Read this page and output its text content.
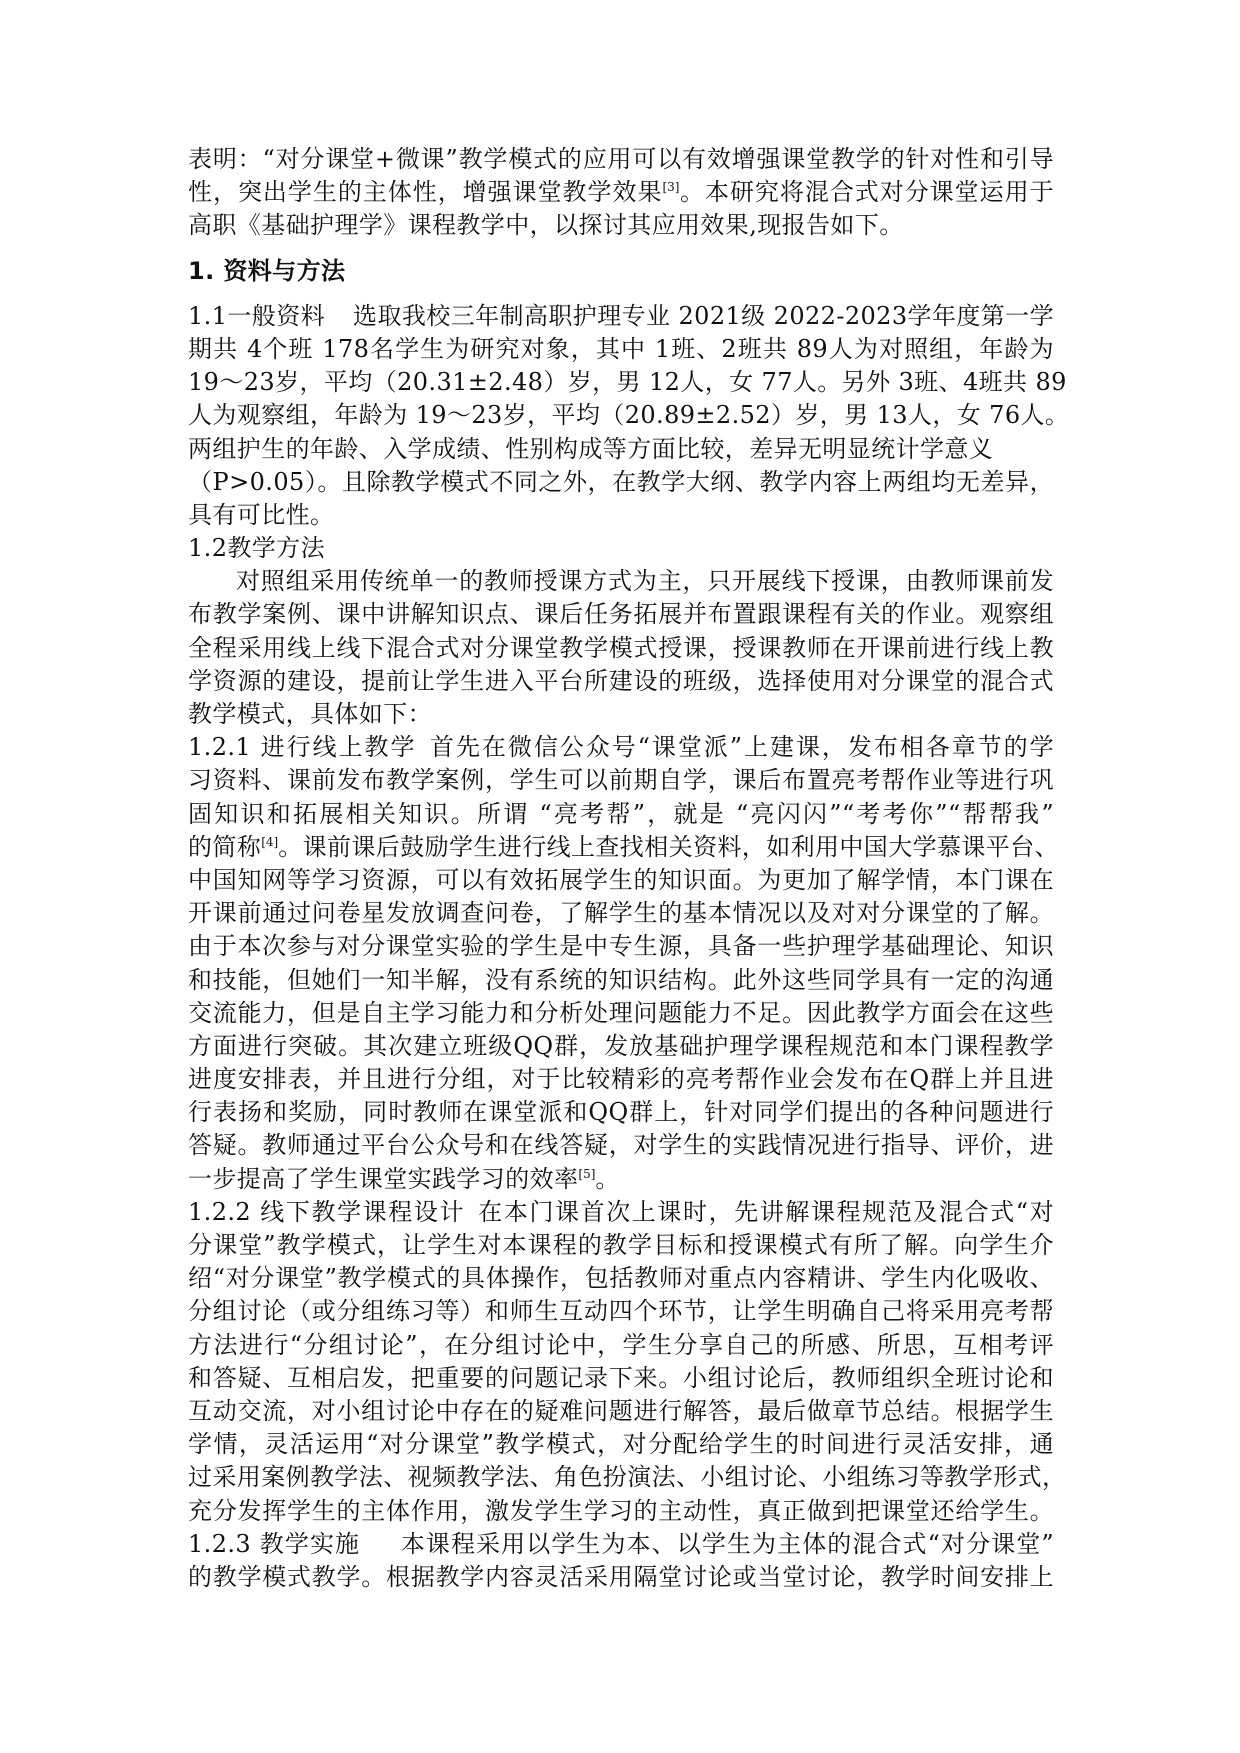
表明：“对分课堂+微课”教学模式的应用可以有效增强课堂教学的针对性和引导
性，突出学生的主体性，增强课堂教学效果[3]。本研究将混合式对分课堂运用于
高职《基础护理学》课程教学中，以探讨其应用效果,现报告如下。
1. 资料与方法
1.1一般资料 选取我校三年制高职护理专业 2021级 2022-2023学年度第一学
期共 4个班 178名学生为研究对象，其中 1班、2班共 89人为对照组，年龄为
19～23岁，平均（20.31±2.48）岁，男 12人，女 77人。另外 3班、4班共 89
人为观察组，年龄为 19～23岁，平均（20.89±2.52）岁，男 13人，女 76人。
两组护生的年龄、入学成绩、性别构成等方面比较，差异无明显统计学意义
（P>0.05）。且除教学模式不同之外，在教学大纲、教学内容上两组均无差异，
具有可比性。
1.2教学方法
对照组采用传统单一的教师授课方式为主，只开展线下授课，由教师课前发
布教学案例、课中讲解知识点、课后任务拓展并布置跟课程有关的作业。观察组
全程采用线上线下混合式对分课堂教学模式授课，授课教师在开课前进行线上教
学资源的建设，提前让学生进入平台所建设的班级，选择使用对分课堂的混合式
教学模式，具体如下：
1.2.1 进行线上教学 首先在微信公众号“课堂派”上建课，发布相各章节的学
习资料、课前发布教学案例，学生可以前期自学，课后布置亮考帮作业等进行巩
固知识和拓展相关知识。所谓 “亮考帮”，就是 “亮闪闪”“考考你”“帮帮我”
的简称[4]。课前课后鼓励学生进行线上查找相关资料，如利用中国大学慕课平台、
中国知网等学习资源，可以有效拓展学生的知识面。为更加了解学情，本门课在
开课前通过问卷星发放调查问卷，了解学生的基本情况以及对对分课堂的了解。
由于本次参与对分课堂实验的学生是中专生源，具备一些护理学基础理论、知识
和技能，但她们一知半解，没有系统的知识结构。此外这些同学具有一定的沟通
交流能力，但是自主学习能力和分析处理问题能力不足。因此教学方面会在这些
方面进行突破。其次建立班级QQ群，发放基础护理学课程规范和本门课程教学
进度安排表，并且进行分组，对于比较精彩的亮考帮作业会发布在Q群上并且进
行表扬和奖励，同时教师在课堂派和QQ群上，针对同学们提出的各种问题进行
答疑。教师通过平台公众号和在线答疑，对学生的实践情况进行指导、评价，进
一步提高了学生课堂实践学习的效率[5]。
1.2.2 线下教学课程设计 在本门课首次上课时，先讲解课程规范及混合式“对
分课堂”教学模式，让学生对本课程的教学目标和授课模式有所了解。向学生介
绍“对分课堂”教学模式的具体操作，包括教师对重点内容精讲、学生内化吸收、
分组讨论（或分组练习等）和师生互动四个环节，让学生明确自己将采用亮考帮
方法进行“分组讨论”，在分组讨论中，学生分享自己的所感、所思，互相考评
和答疑、互相启发，把重要的问题记录下来。小组讨论后，教师组织全班讨论和
互动交流，对小组讨论中存在的疑难问题进行解答，最后做章节总结。根据学生
学情，灵活运用“对分课堂”教学模式，对分配给学生的时间进行灵活安排，通
过采用案例教学法、视频教学法、角色扮演法、小组讨论、小组练习等教学形式，
充分发挥学生的主体作用，激发学生学习的主动性，真正做到把课堂还给学生。
1.2.3 教学实施 本课程采用以学生为本、以学生为主体的混合式“对分课堂”
的教学模式教学。根据教学内容灵活采用隔堂讨论或当堂讨论，教学时间安排上
